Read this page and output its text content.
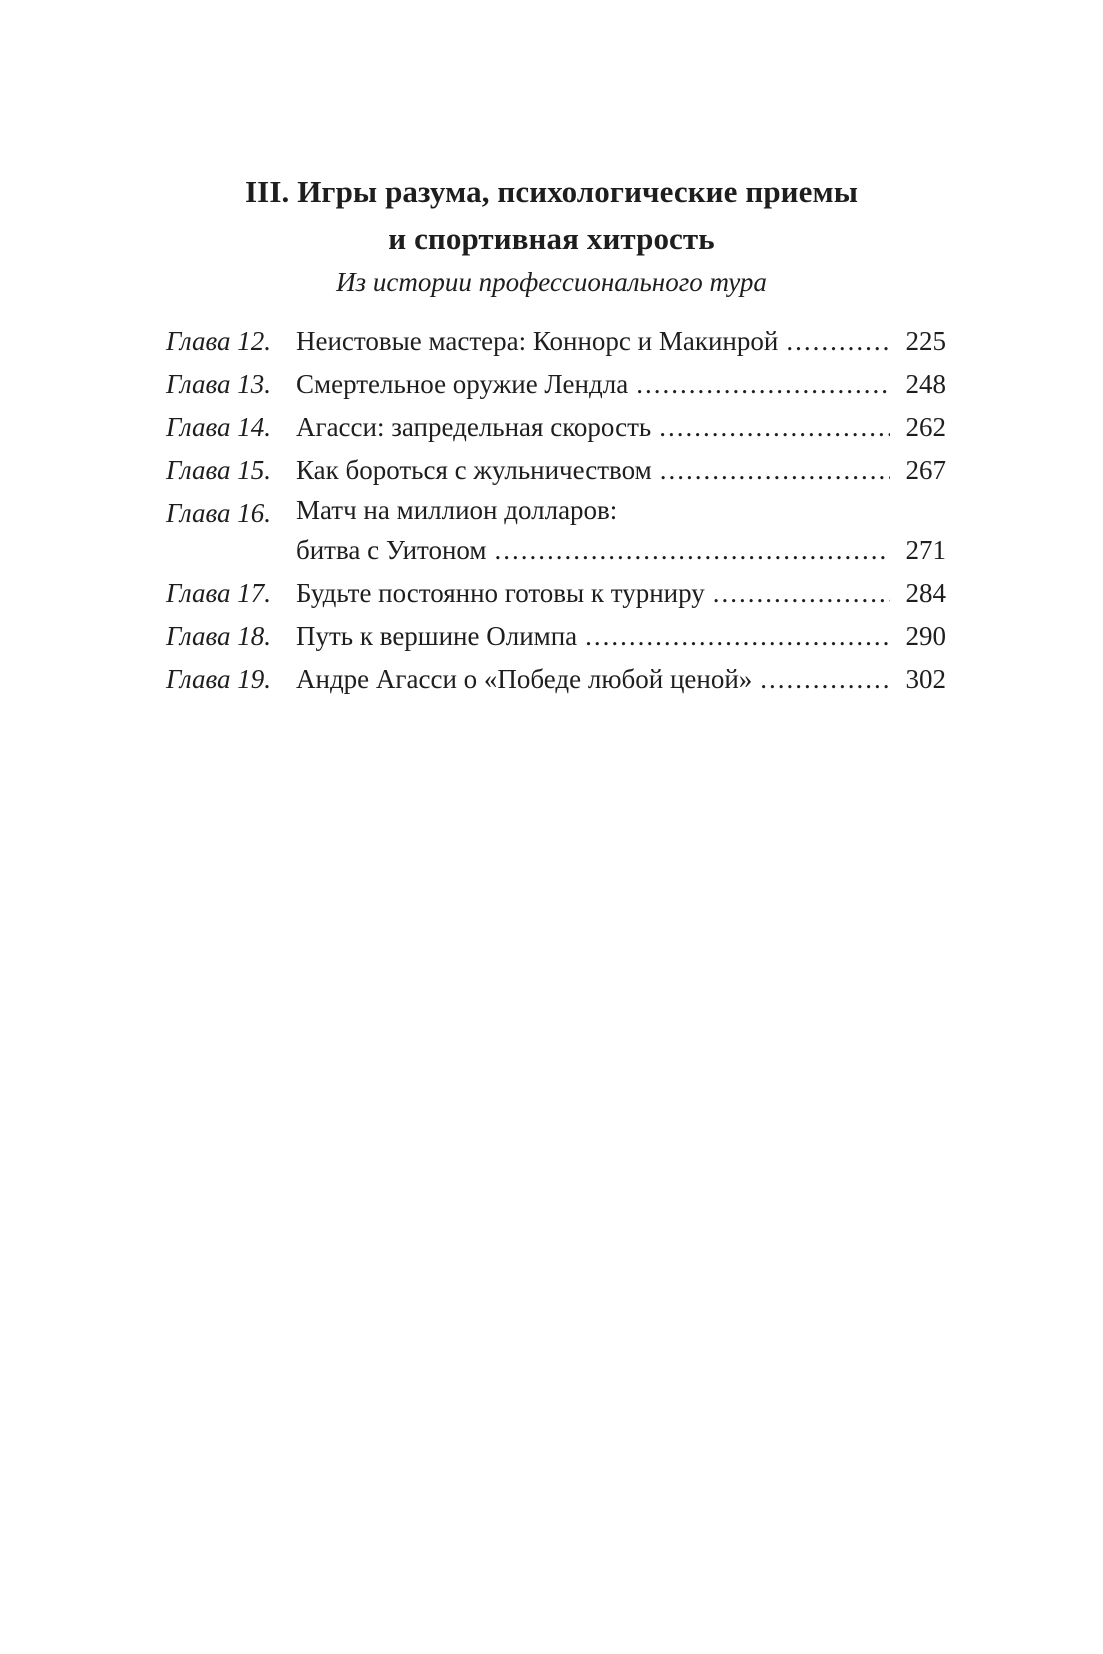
III. Игры разума, психологические приемы

и спортивная хитрость

Из истории профессионального тура

Глава 12. Неистовые мастера: Коннорс и Макинрой .....	225
Глава 13. Смертельное оружие Лендла .....	248
Глава 14. Агасси: запредельная скорость .....	262
Глава 15. Как бороться с жульничеством .....	267
Глава 16. Матч на миллион долларов:
битва с Уитоном .....	271
Глава 17. Будьте постоянно готовы к турниру .....	284
Глава 18. Путь к вершине Олимпа .....	290
Глава 19. Андре Агасси о «Победе любой ценой» .....	302
